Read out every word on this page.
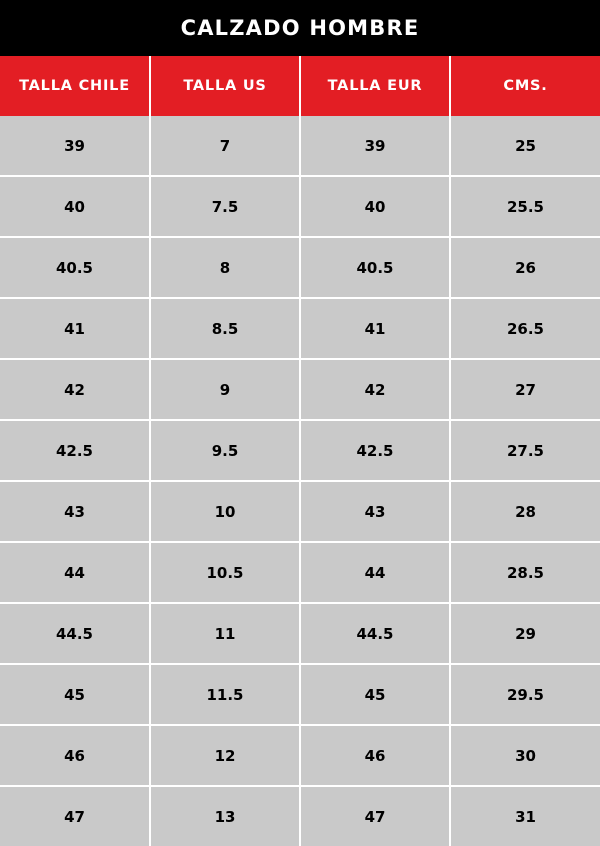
CALZADO HOMBRE
TALLA CHILE	TALLA US	TALLA EUR	CMS.
39	7	39	25
40	7.5	40	25.5
40.5	8	40.5	26
41	8.5	41	26.5
42	9	42	27
42.5	9.5	42.5	27.5
43	10	43	28
44	10.5	44	28.5
44.5	11	44.5	29
45	11.5	45	29.5
46	12	46	30
47	13	47	31
